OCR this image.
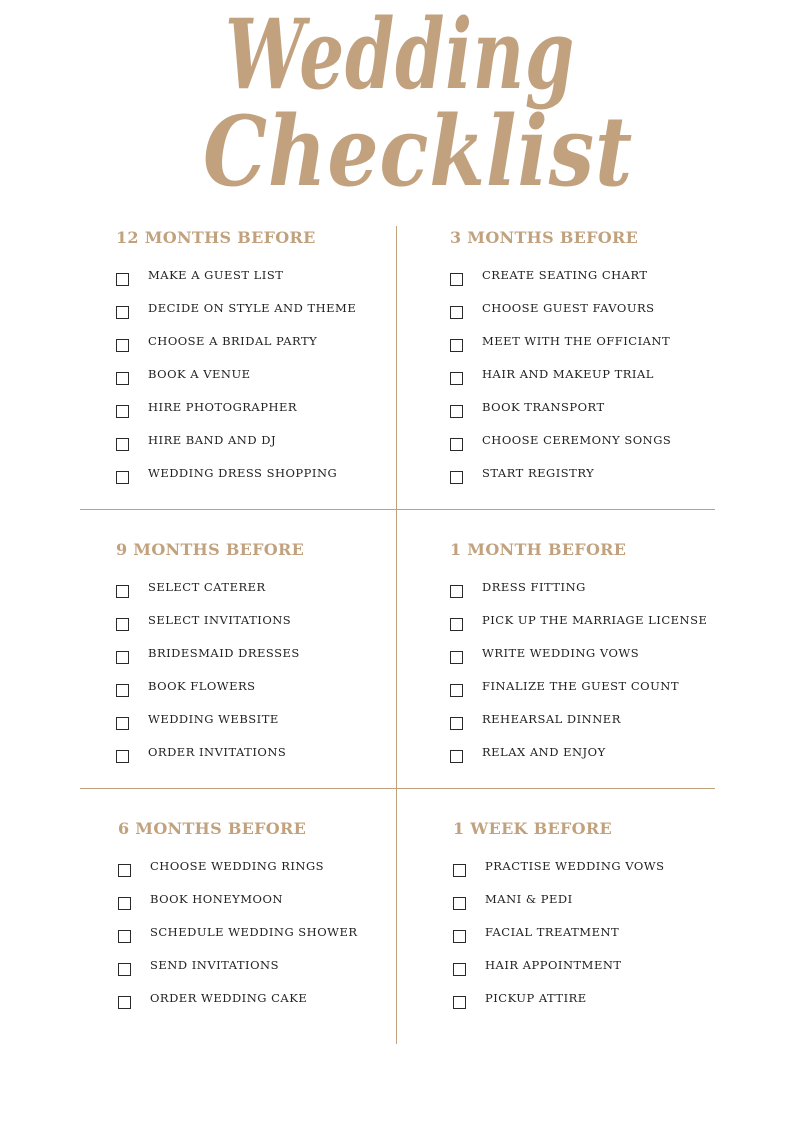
Wedding
Checklist
12 MONTHS BEFORE
MAKE A GUEST LIST
DECIDE ON STYLE AND THEME
CHOOSE A BRIDAL PARTY
BOOK A VENUE
HIRE PHOTOGRAPHER
HIRE BAND AND DJ
WEDDING DRESS SHOPPING
3 MONTHS BEFORE
CREATE SEATING CHART
CHOOSE GUEST FAVOURS
MEET WITH THE OFFICIANT
HAIR AND MAKEUP TRIAL
BOOK TRANSPORT
CHOOSE CEREMONY SONGS
START REGISTRY
9 MONTHS BEFORE
SELECT CATERER
SELECT INVITATIONS
BRIDESMAID DRESSES
BOOK FLOWERS
WEDDING WEBSITE
ORDER INVITATIONS
1 MONTH BEFORE
DRESS FITTING
PICK UP THE MARRIAGE LICENSE
WRITE WEDDING VOWS
FINALIZE THE GUEST COUNT
REHEARSAL DINNER
RELAX AND ENJOY
6 MONTHS BEFORE
CHOOSE WEDDING RINGS
BOOK HONEYMOON
SCHEDULE WEDDING SHOWER
SEND INVITATIONS
ORDER WEDDING CAKE
1 WEEK BEFORE
PRACTISE WEDDING VOWS
MANI & PEDI
FACIAL TREATMENT
HAIR APPOINTMENT
PICKUP ATTIRE
